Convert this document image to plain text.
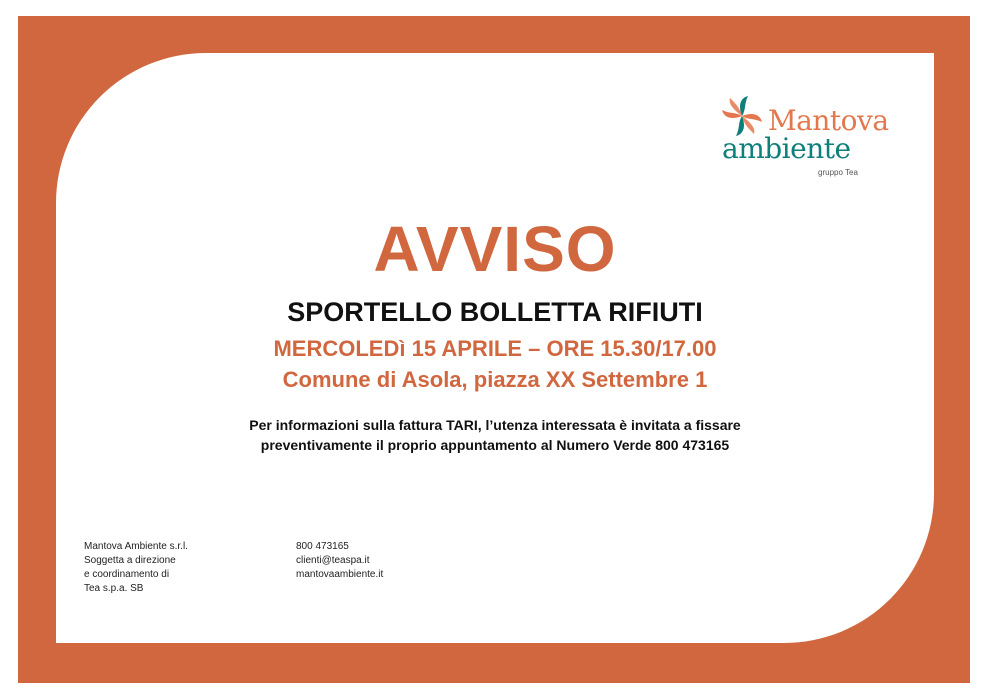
Mantova
ambiente
gruppo Tea
AVVISO
SPORTELLO BOLLETTA RIFIUTI
MERCOLEDì 15 APRILE – ORE 15.30/17.00
Comune di Asola, piazza XX Settembre 1
Per informazioni sulla fattura TARI, l’utenza interessata è invitata a fissare
preventivamente il proprio appuntamento al Numero Verde 800 473165
Mantova Ambiente s.r.l.
Soggetta a direzione
e coordinamento di
Tea s.p.a. SB
800 473165
clienti@teaspa.it
mantovaambiente.it
